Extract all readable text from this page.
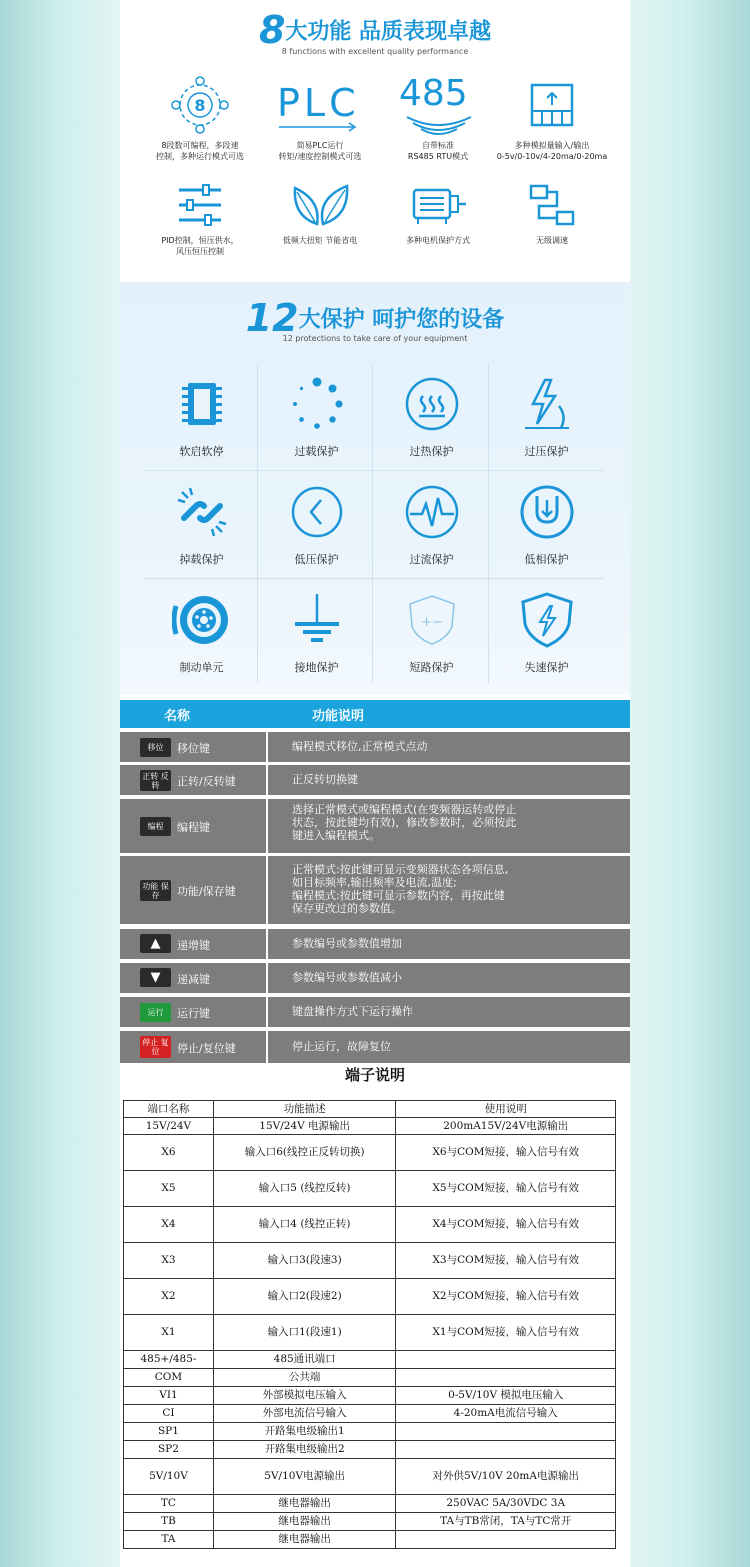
8大功能 品质表现卓越
8 functions with excellent quality performance
8
8段数可编程，多段速
控制，多种运行模式可选
PLC
简易PLC运行
转矩/速度控制模式可选
485
自带标准
RS485 RTU模式
多种模拟量输入/输出
0-5v/0-10v/4-20ma/0-20ma
PID控制，恒压供水，
风压恒压控制
低频大扭矩 节能省电	多种电机保护方式	无级调速
12大保护 呵护您的设备
12 protections to take care of your equipment
软启软停	过载保护	过热保护	过压保护
掉载保护	低压保护	过流保护	低相保护
制动单元	接地保护
+−
短路保护	失速保护
名称	功能说明
移位	移位键	编程模式移位,正常模式点动
正转 反转	正转/反转键	正反转切换键
编程	编程键
选择正常模式或编程模式(在变频器运转或停止
状态，按此键均有效)，修改参数时，必须按此
键进入编程模式。
功能 保存	功能/保存键
正常模式:按此键可显示变频器状态各项信息,
如目标频率,输出频率及电流,温度;
编程模式:按此键可显示参数内容，再按此键
保存更改过的参数值。
▲	递增键	参数编号或参数值增加
▼	递减键	参数编号或参数值减小
运行	运行键	键盘操作方式下运行操作
停止 复位	停止/复位键	停止运行，故障复位
端子说明
端口名称	功能描述	使用说明
15V/24V	15V/24V 电源输出	200mA15V/24V电源输出
X6	输入口6(线控正反转切换)	X6与COM短接，输入信号有效
X5	输入口5 (线控反转)	X5与COM短接，输入信号有效
X4	输入口4 (线控正转)	X4与COM短接，输入信号有效
X3	输入口3(段速3)	X3与COM短接，输入信号有效
X2	输入口2(段速2)	X2与COM短接，输入信号有效
X1	输入口1(段速1)	X1与COM短接，输入信号有效
485+/485-	485通讯端口	
COM	公共端	
VI1	外部模拟电压输入	0-5V/10V 模拟电压输入
CI	外部电流信号输入	4-20mA电流信号输入
SP1	开路集电级输出1	
SP2	开路集电级输出2	
5V/10V	5V/10V电源输出	对外供5V/10V 20mA电源输出
TC	继电器输出	250VAC 5A/30VDC 3A
TB	继电器输出	TA与TB常闭，TA与TC常开
TA	继电器输出	
